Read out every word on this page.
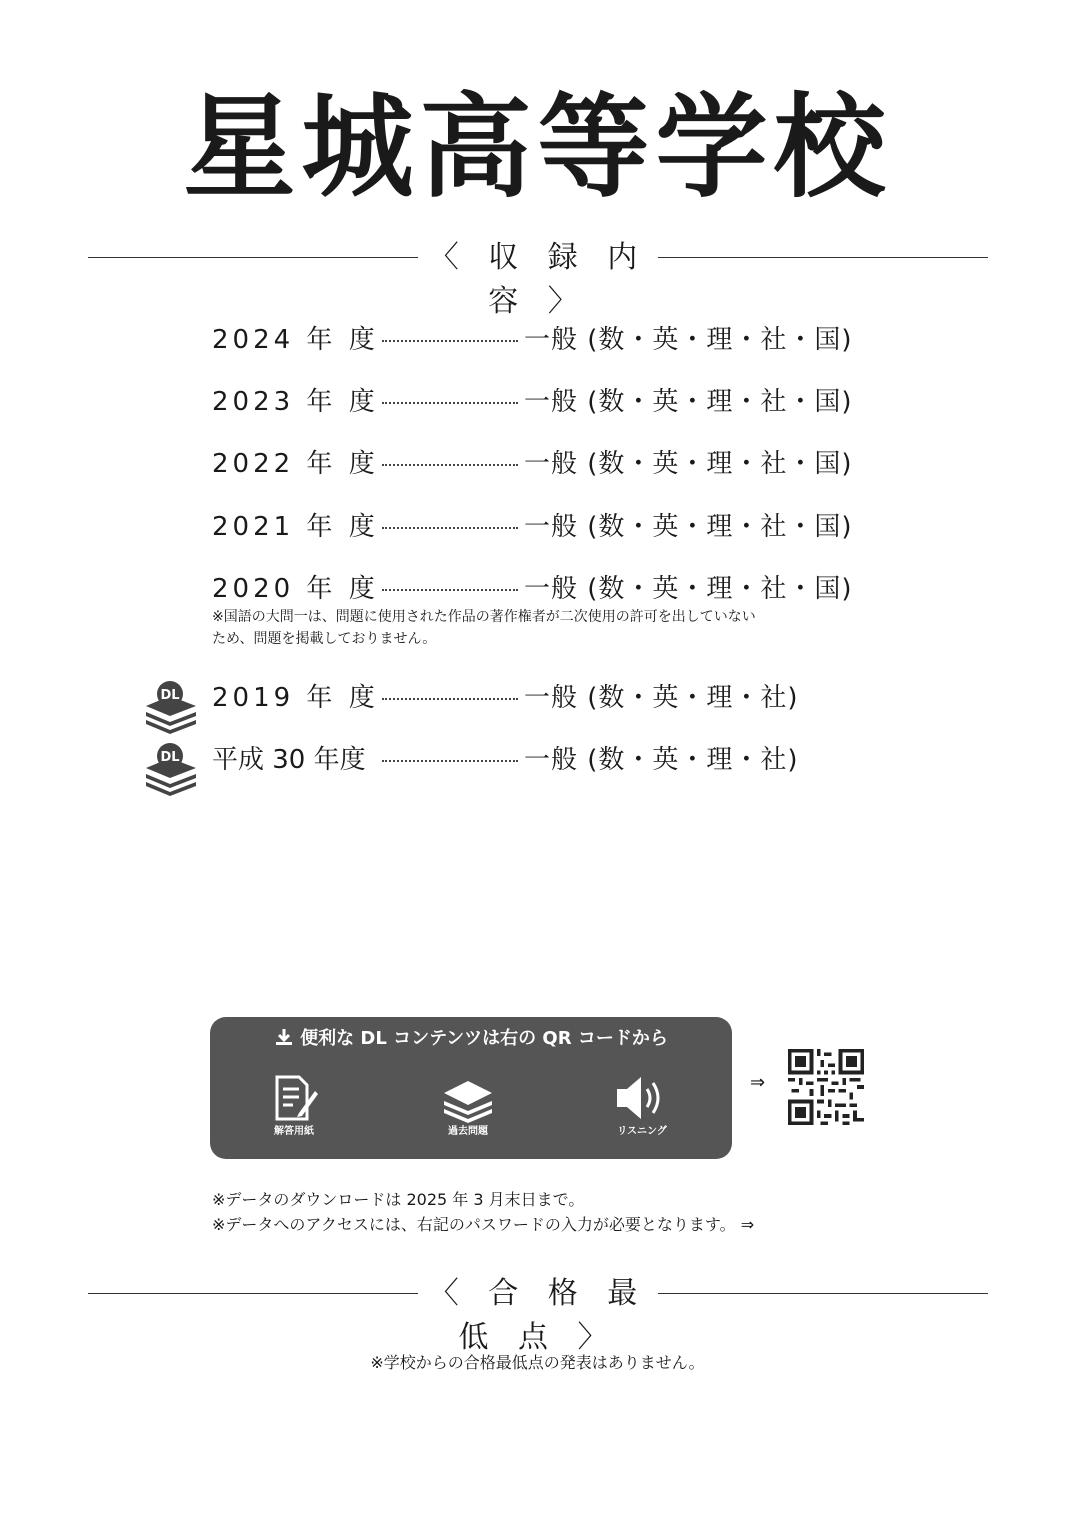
星城高等学校
〈 収 録 内 容 〉
2024 年 度	一般 (数・英・理・社・国)
2023 年 度	一般 (数・英・理・社・国)
2022 年 度	一般 (数・英・理・社・国)
2021 年 度	一般 (数・英・理・社・国)
2020 年 度	一般 (数・英・理・社・国)
※国語の大問一は、問題に使用された作品の著作権者が二次使用の許可を出していない
ため、問題を掲載しておりません。
DL 2019 年 度	一般 (数・英・理・社)
DL 平成 30 年度	一般 (数・英・理・社)
便利な DL コンテンツは右の QR コードから
解答用紙	過去問題	リスニング
⇒
※データのダウンロードは 2025 年 3 月末日まで。
※データへのアクセスには、右記のパスワードの入力が必要となります。 ⇒
〈 合 格 最 低 点 〉
※学校からの合格最低点の発表はありません。
